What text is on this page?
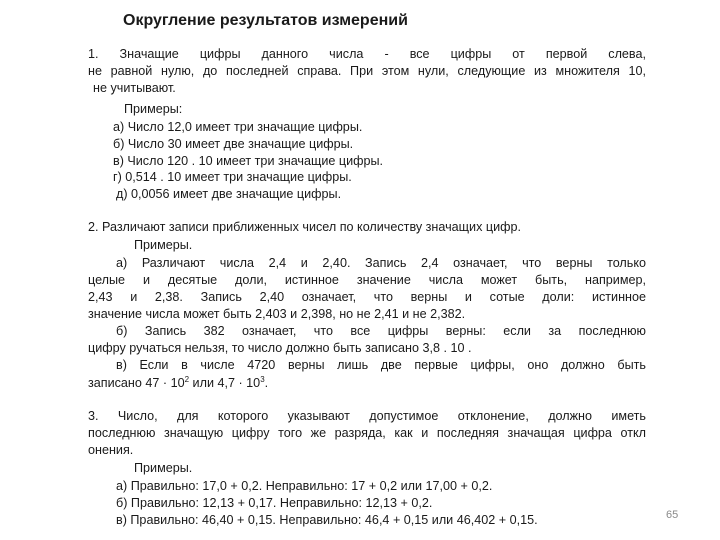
Округление результатов измерений
1. Значащие цифры данного числа - все цифры от первой слева,
не равной нулю, до последней справа. При этом нули, следующие из множителя 10,
не учитывают.
Примеры:
а) Число 12,0 имеет три значащие цифры.
б) Число 30 имеет две значащие цифры.
в) Число 120 . 10 имеет три значащие цифры.
г) 0,514 . 10 имеет три значащие цифры.
д) 0,0056 имеет две значащие цифры.
2. Различают записи приближенных чисел по количеству значащих цифр.
Примеры.
а) Различают числа 2,4 и 2,40. Запись 2,4 означает, что верны только
целые и десятые доли, истинное значение числа может быть, например,
2,43 и 2,38. Запись 2,40 означает, что верны и сотые доли: истинное
значение числа может быть 2,403 и 2,398, но не 2,41 и не 2,382.
б) Запись 382 означает, что все цифры верны: если за последнюю
цифру ручаться нельзя, то число должно быть записано 3,8 . 10 .
в) Если в числе 4720 верны лишь две первые цифры, оно должно быть
записано $47 \cdot 10^2$ или $4,7 \cdot 10^3$.
3. Число, для которого указывают допустимое отклонение, должно иметь
последнюю значащую цифру того же разряда, как и последняя значащая цифра откл
онения.
Примеры.
а) Правильно: 17,0 + 0,2. Неправильно: 17 + 0,2 или 17,00 + 0,2.
б) Правильно: 12,13 + 0,17. Неправильно: 12,13 + 0,2.
в) Правильно: 46,40 + 0,15. Неправильно: 46,4 + 0,15 или 46,402 + 0,15.	65
